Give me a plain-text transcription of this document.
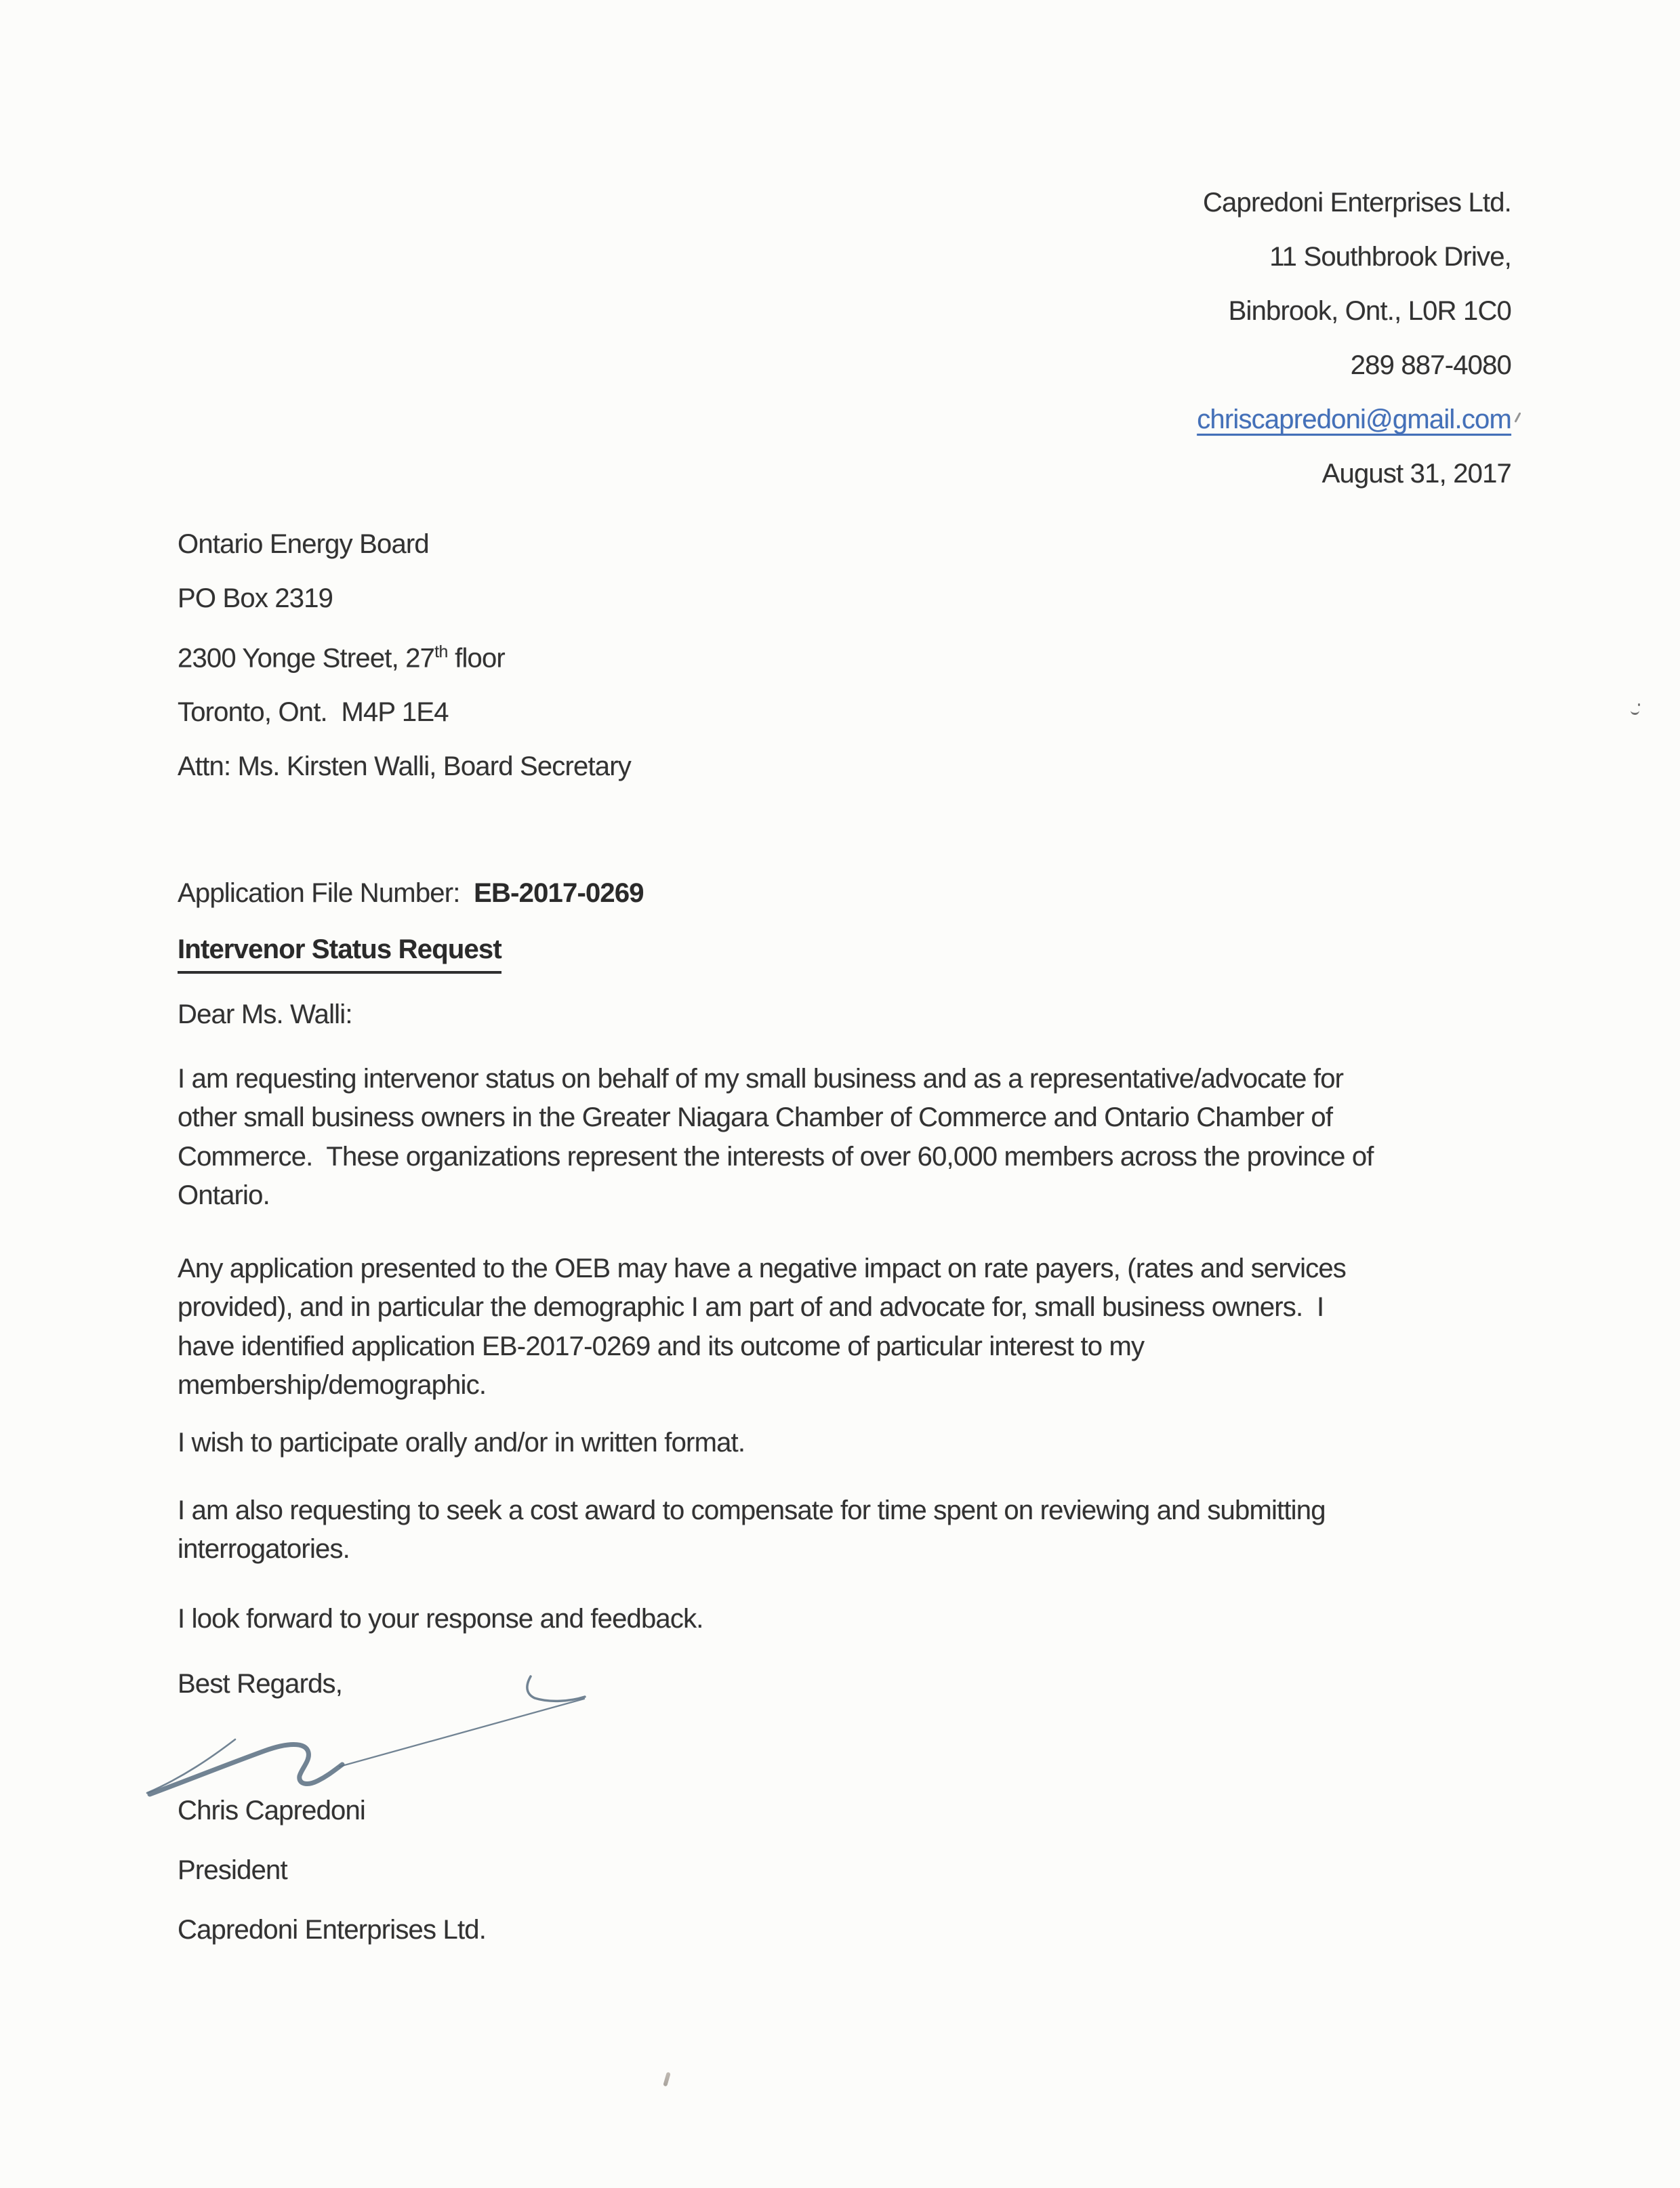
Capredoni Enterprises Ltd.
11 Southbrook Drive,
Binbrook, Ont., L0R 1C0
289 887-4080
chriscapredoni@gmail.com
August 31, 2017
Ontario Energy Board
PO Box 2319
2300 Yonge Street, 27th floor
Toronto, Ont.  M4P 1E4
Attn: Ms. Kirsten Walli, Board Secretary
Application File Number:  EB-2017-0269
Intervenor Status Request
Dear Ms. Walli:
I am requesting intervenor status on behalf of my small business and as a representative/advocate for
other small business owners in the Greater Niagara Chamber of Commerce and Ontario Chamber of
Commerce.  These organizations represent the interests of over 60,000 members across the province of
Ontario.
Any application presented to the OEB may have a negative impact on rate payers, (rates and services
provided), and in particular the demographic I am part of and advocate for, small business owners.  I
have identified application EB-2017-0269 and its outcome of particular interest to my
membership/demographic.
I wish to participate orally and/or in written format.
I am also requesting to seek a cost award to compensate for time spent on reviewing and submitting
interrogatories.
I look forward to your response and feedback.
Best Regards,
Chris Capredoni
President
Capredoni Enterprises Ltd.
